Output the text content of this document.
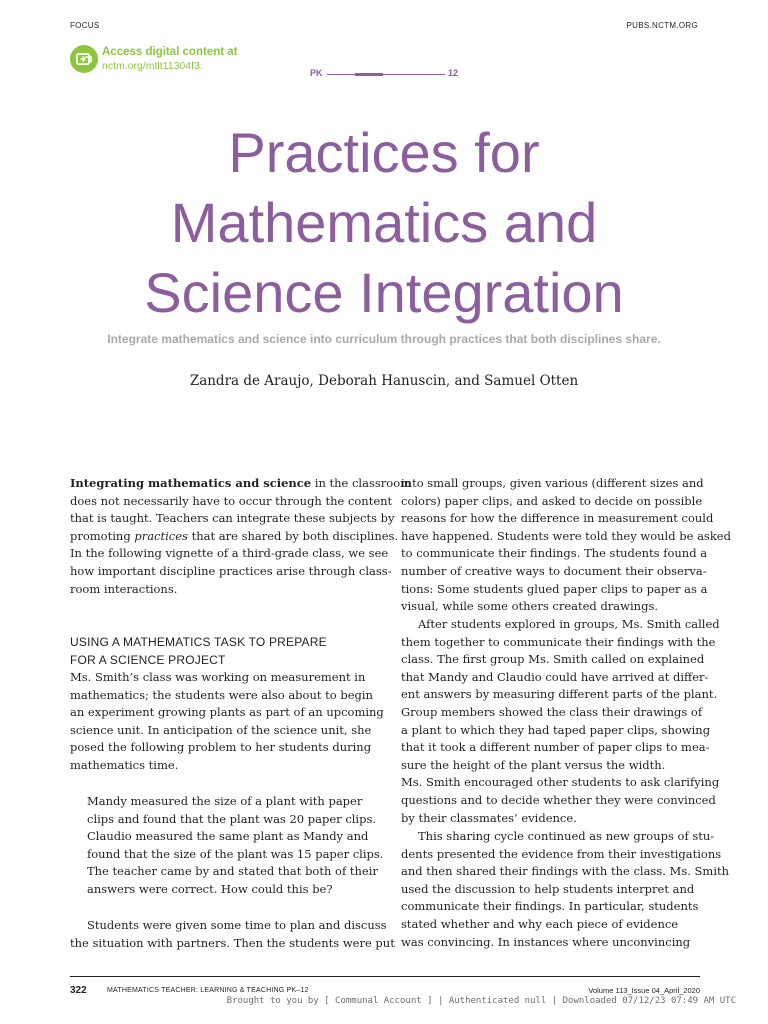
FOCUS	PUBS.NCTM.ORG
Access digital content at
nctm.org/mtlt11304f3.
PK	12
Practices for
Mathematics and
Science Integration
Integrate mathematics and science into curriculum through practices that both disciplines share.
Zandra de Araujo, Deborah Hanuscin, and Samuel Otten

Integrating mathematics and science in the classroom
does not necessarily have to occur through the content
that is taught. Teachers can integrate these subjects by
promoting practices that are shared by both disciplines.
In the following vignette of a third-grade class, we see
how important discipline practices arise through class-
room interactions.

USING A MATHEMATICS TASK TO PREPARE
FOR A SCIENCE PROJECT
Ms. Smith’s class was working on measurement in
mathematics; the students were also about to begin
an experiment growing plants as part of an upcoming
science unit. In anticipation of the science unit, she
posed the following problem to her students during
mathematics time.
Mandy measured the size of a plant with paper
clips and found that the plant was 20 paper clips.
Claudio measured the same plant as Mandy and
found that the size of the plant was 15 paper clips.
The teacher came by and stated that both of their
answers were correct. How could this be?
Students were given some time to plan and discuss
the situation with partners. Then the students were put
into small groups, given various (different sizes and
colors) paper clips, and asked to decide on possible
reasons for how the difference in measurement could
have happened. Students were told they would be asked
to communicate their findings. The students found a
number of creative ways to document their observa-
tions: Some students glued paper clips to paper as a
visual, while some others created drawings.
After students explored in groups, Ms. Smith called
them together to communicate their findings with the
class. The first group Ms. Smith called on explained
that Mandy and Claudio could have arrived at differ-
ent answers by measuring different parts of the plant.
Group members showed the class their drawings of
a plant to which they had taped paper clips, showing
that it took a different number of paper clips to mea-
sure the height of the plant versus the width.
Ms. Smith encouraged other students to ask clarifying
questions and to decide whether they were convinced
by their classmates’ evidence.
This sharing cycle continued as new groups of stu-
dents presented the evidence from their investigations
and then shared their findings with the class. Ms. Smith
used the discussion to help students interpret and
communicate their findings. In particular, students
stated whether and why each piece of evidence
was convincing. In instances where unconvincing
322	MATHEMATICS TEACHER: LEARNING & TEACHING PK–12	Volume 113_Issue 04_April_2020
Brought to you by [ Communal Account ] | Authenticated null | Downloaded 07/12/23 07:49 AM UTC
